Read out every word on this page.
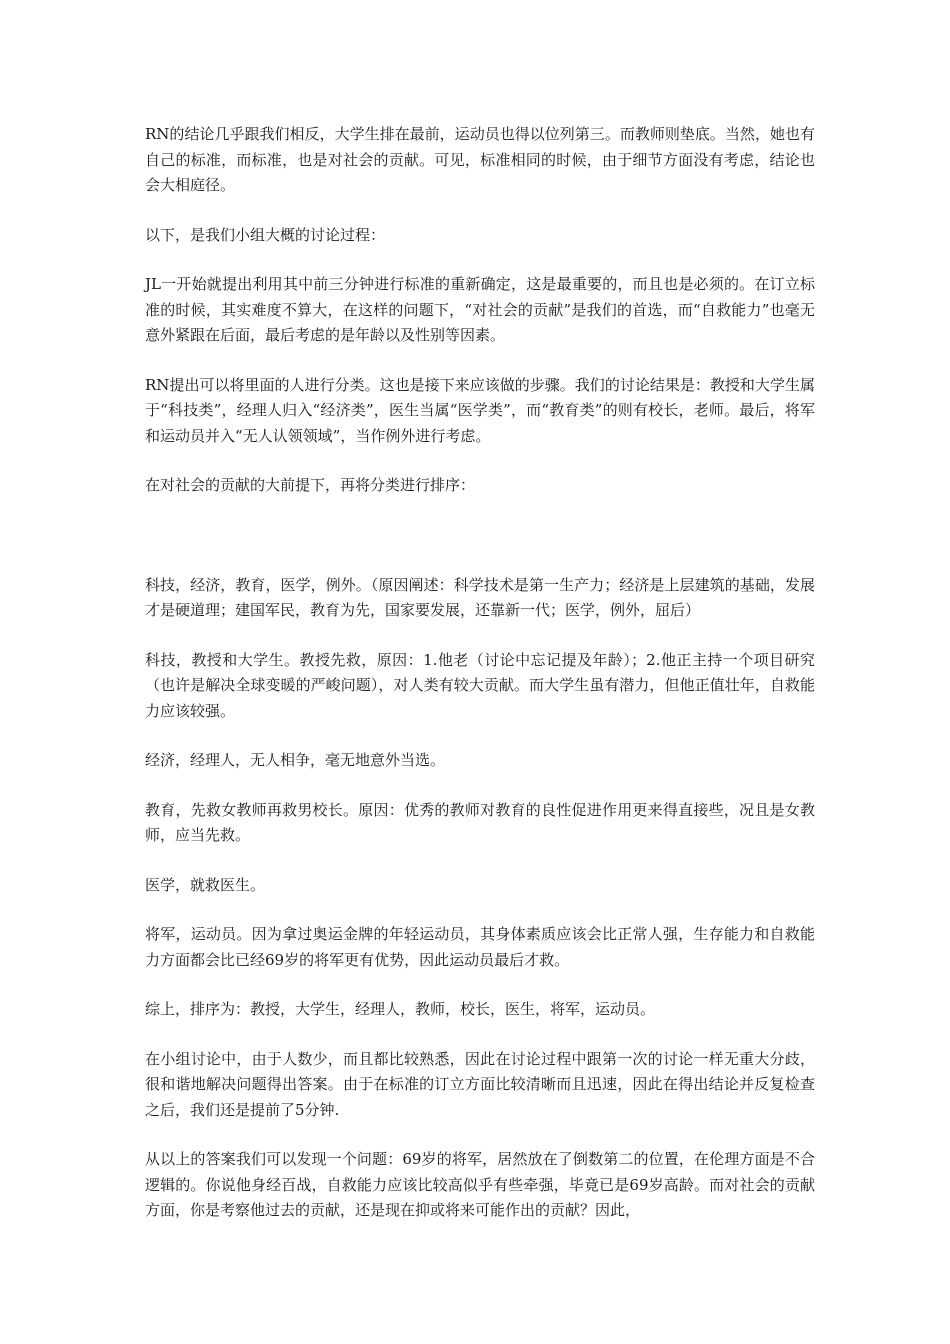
RN的结论几乎跟我们相反，大学生排在最前，运动员也得以位列第三。而教师则垫底。当然，她也有自己的标准，而标准，也是对社会的贡献。可见，标准相同的时候，由于细节方面没有考虑，结论也会大相庭径。

以下，是我们小组大概的讨论过程：

JL一开始就提出利用其中前三分钟进行标准的重新确定，这是最重要的，而且也是必须的。在订立标准的时候，其实难度不算大，在这样的问题下，“对社会的贡献”是我们的首选，而“自救能力”也毫无意外紧跟在后面，最后考虑的是年龄以及性别等因素。

RN提出可以将里面的人进行分类。这也是接下来应该做的步骤。我们的讨论结果是：教授和大学生属于“科技类”，经理人归入“经济类”，医生当属“医学类”，而“教育类”的则有校长，老师。最后，将军和运动员并入“无人认领领域”，当作例外进行考虑。

在对社会的贡献的大前提下，再将分类进行排序：

科技，经济，教育，医学，例外。（原因阐述：科学技术是第一生产力；经济是上层建筑的基础，发展才是硬道理；建国军民，教育为先，国家要发展，还靠新一代；医学，例外，屈后）

科技，教授和大学生。教授先救，原因：1.他老（讨论中忘记提及年龄）；2.他正主持一个项目研究（也许是解决全球变暖的严峻问题），对人类有较大贡献。而大学生虽有潜力，但他正值壮年，自救能力应该较强。

经济，经理人，无人相争，毫无地意外当选。

教育，先救女教师再救男校长。原因：优秀的教师对教育的良性促进作用更来得直接些，况且是女教师，应当先救。

医学，就救医生。

将军，运动员。因为拿过奥运金牌的年轻运动员，其身体素质应该会比正常人强，生存能力和自救能力方面都会比已经69岁的将军更有优势，因此运动员最后才救。

综上，排序为：教授，大学生，经理人，教师，校长，医生，将军，运动员。

在小组讨论中，由于人数少，而且都比较熟悉，因此在讨论过程中跟第一次的讨论一样无重大分歧，很和谐地解决问题得出答案。由于在标准的订立方面比较清晰而且迅速，因此在得出结论并反复检查之后，我们还是提前了5分钟.

从以上的答案我们可以发现一个问题：69岁的将军，居然放在了倒数第二的位置，在伦理方面是不合逻辑的。你说他身经百战，自救能力应该比较高似乎有些牵强，毕竟已是69岁高龄。而对社会的贡献方面，你是考察他过去的贡献，还是现在抑或将来可能作出的贡献？因此，
